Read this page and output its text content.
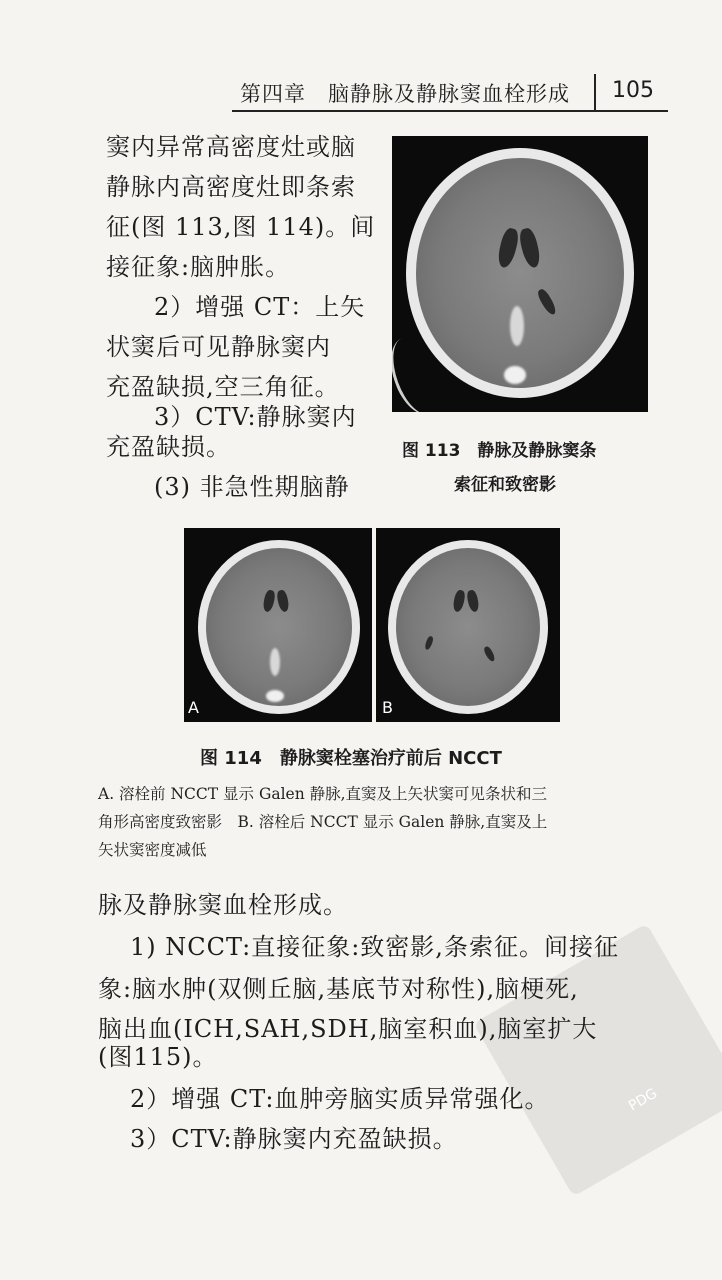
第四章　脑静脉及静脉窦血栓形成 105
窦内异常高密度灶或脑
静脉内高密度灶即条索
征(图 113,图 114)。间
接征象:脑肿胀。
2）增强 CT：上矢
状窦后可见静脉窦内
充盈缺损,空三角征。
3）CTV:静脉窦内
充盈缺损。
(3) 非急性期脑静
图 113　静脉及静脉窦条
索征和致密影
A	B
图 114　静脉窦栓塞治疗前后 NCCT
A. 溶栓前 NCCT 显示 Galen 静脉,直窦及上矢状窦可见条状和三
角形高密度致密影　B. 溶栓后 NCCT 显示 Galen 静脉,直窦及上
矢状窦密度减低
PDG
脉及静脉窦血栓形成。
1) NCCT:直接征象:致密影,条索征。间接征
象:脑水肿(双侧丘脑,基底节对称性),脑梗死,
脑出血(ICH,SAH,SDH,脑室积血),脑室扩大
(图115)。
2）增强 CT:血肿旁脑实质异常强化。
3）CTV:静脉窦内充盈缺损。
